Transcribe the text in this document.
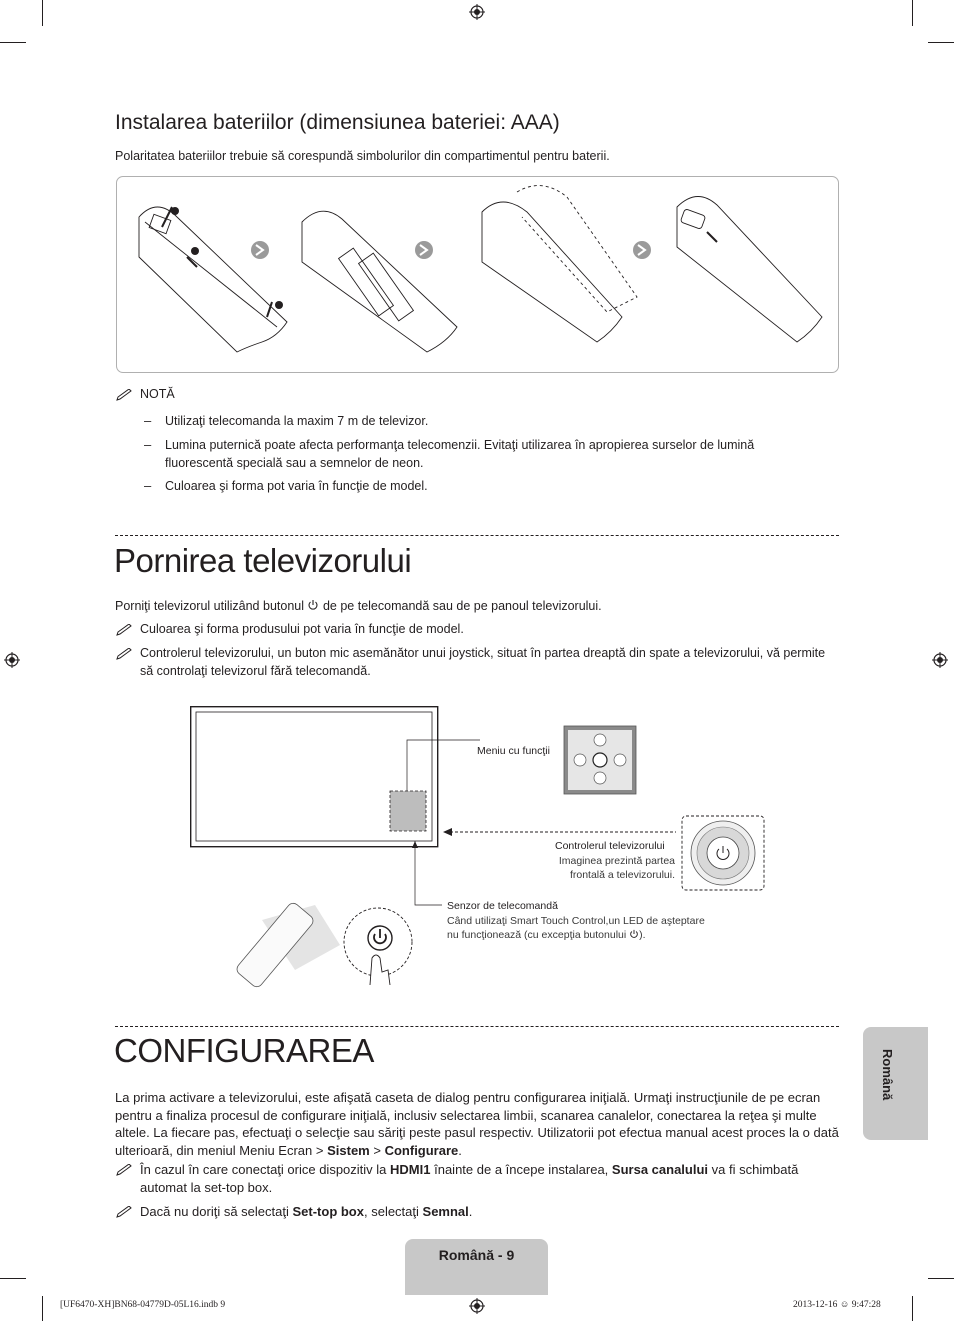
Instalarea bateriilor (dimensiunea bateriei: AAA)
Polaritatea bateriilor trebuie să corespundă simbolurilor din compartimentul pentru baterii.
NOTĂ
– Utilizaţi telecomanda la maxim 7 m de televizor.
– Lumina puternică poate afecta performanţa telecomenzii. Evitaţi utilizarea în apropierea surselor de lumină fluorescentă specială sau a semnelor de neon.
– Culoarea şi forma pot varia în funcţie de model.
Pornirea televizorului
Porniţi televizorul utilizând butonul de pe telecomandă sau de pe panoul televizorului.
Culoarea şi forma produsului pot varia în funcţie de model.
Controlerul televizorului, un buton mic asemănător unui joystick, situat în partea dreaptă din spate a televizorului, vă permite să controlaţi televizorul fără telecomandă.
Meniu cu funcţii
Controlerul televizorului
Imaginea prezintă partea frontală a televizorului.
Senzor de telecomandă
Când utilizaţi Smart Touch Control,un LED de aşteptare nu funcţionează (cu excepţia butonului ).
CONFIGURAREA
La prima activare a televizorului, este afişată caseta de dialog pentru configurarea iniţială. Urmaţi instrucţiunile de pe ecran pentru a finaliza procesul de configurare iniţială, inclusiv selectarea limbii, scanarea canalelor, conectarea la reţea şi multe altele. La fiecare pas, efectuaţi o selecţie sau săriţi peste pasul respectiv. Utilizatorii pot efectua manual acest proces la o dată ulterioară, din meniul Meniu Ecran > Sistem > Configurare.
În cazul în care conectaţi orice dispozitiv la HDMI1 înainte de a începe instalarea, Sursa canalului va fi schimbată automat la set-top box.
Dacă nu doriţi să selectaţi Set-top box, selectaţi Semnal.
Română
Română - 9
[UF6470-XH]BN68-04779D-05L16.indb 9	2013-12-16 ☺ 9:47:28
